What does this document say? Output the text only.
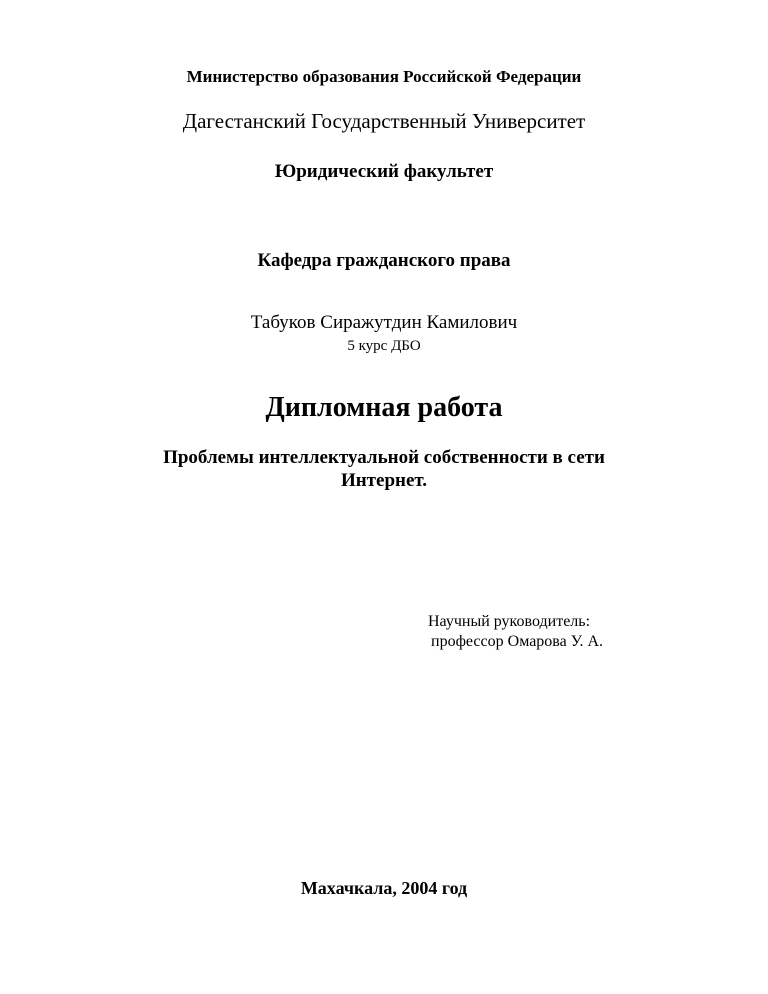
Министерство образования Российской Федерации
Дагестанский Государственный Университет
Юридический факультет
Кафедра гражданского права
Табуков Сиражутдин Камилович
5 курс ДБО
Дипломная работа
Проблемы интеллектуальной собственности в сети
Интернет.
Научный руководитель:
профессор Омарова У. А.
Махачкала, 2004 год
